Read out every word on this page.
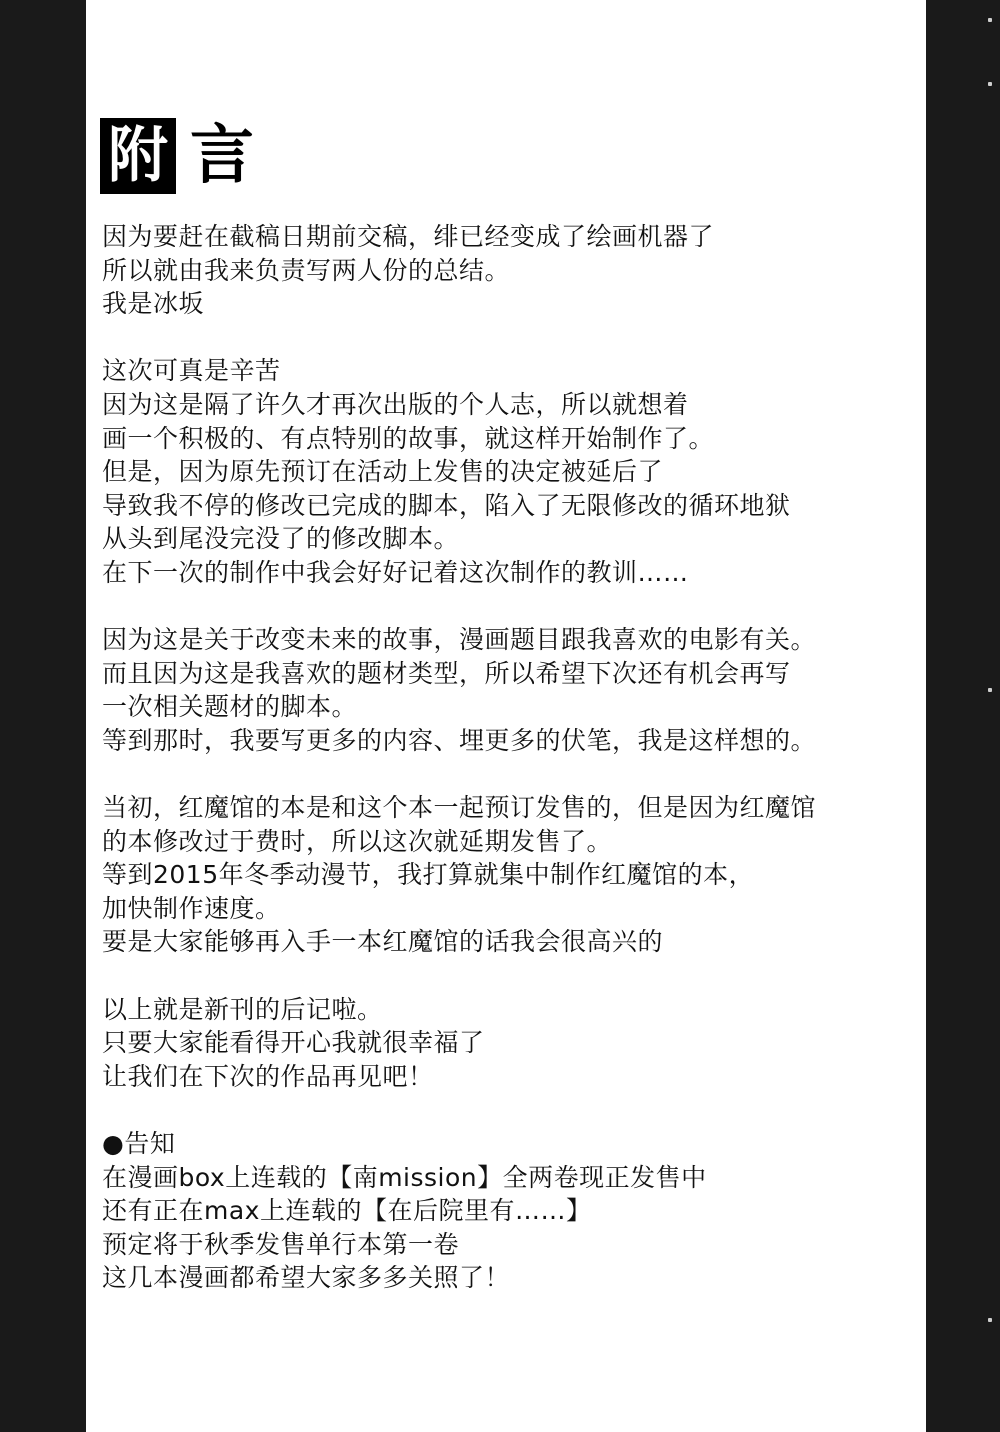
附 言
因为要赶在截稿日期前交稿，绯已经变成了绘画机器了
所以就由我来负责写两人份的总结。
我是冰坂
这次可真是辛苦
因为这是隔了许久才再次出版的个人志，所以就想着
画一个积极的、有点特别的故事，就这样开始制作了。
但是，因为原先预订在活动上发售的决定被延后了
导致我不停的修改已完成的脚本，陷入了无限修改的循环地狱
从头到尾没完没了的修改脚本。
在下一次的制作中我会好好记着这次制作的教训……
因为这是关于改变未来的故事，漫画题目跟我喜欢的电影有关。
而且因为这是我喜欢的题材类型，所以希望下次还有机会再写
一次相关题材的脚本。
等到那时，我要写更多的内容、埋更多的伏笔，我是这样想的。
当初，红魔馆的本是和这个本一起预订发售的，但是因为红魔馆
的本修改过于费时，所以这次就延期发售了。
等到2015年冬季动漫节，我打算就集中制作红魔馆的本，
加快制作速度。
要是大家能够再入手一本红魔馆的话我会很高兴的
以上就是新刊的后记啦。
只要大家能看得开心我就很幸福了
让我们在下次的作品再见吧！
●告知
在漫画box上连载的【南mission】全两卷现正发售中
还有正在max上连载的【在后院里有……】
预定将于秋季发售单行本第一卷
这几本漫画都希望大家多多关照了！
